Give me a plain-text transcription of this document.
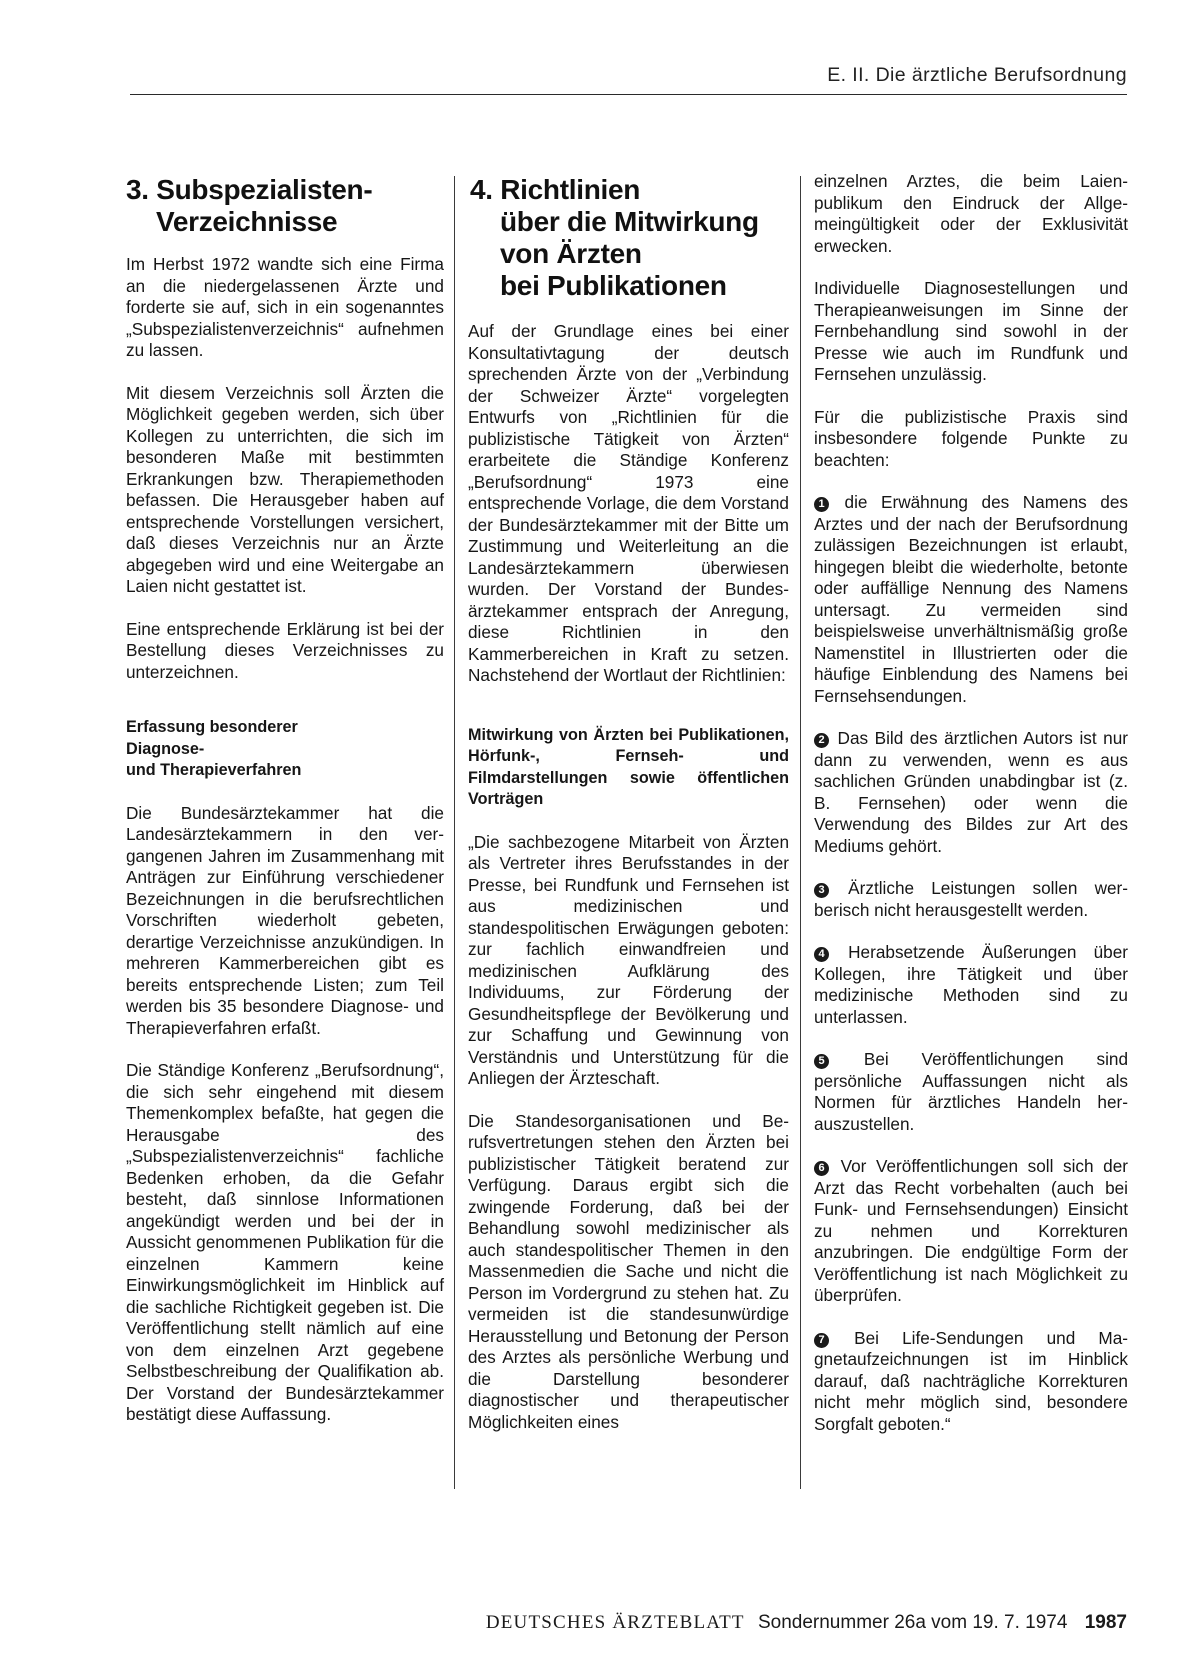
E. II. Die ärztliche Berufsordnung
3. Subspezialisten-
Verzeichnisse

Im Herbst 1972 wandte sich eine Firma an die niedergelassenen Ärzte und forderte sie auf, sich in ein sogenanntes „Subspezialistenverzeichnis“ aufnehmen zu lassen.

Mit diesem Verzeichnis soll Ärzten die Möglichkeit gegeben werden, sich über Kollegen zu unterrichten, die sich im besonderen Maße mit bestimmten Erkrankungen bzw. Therapiemethoden befassen. Die Herausgeber haben auf entsprechende Vorstellungen versichert, daß dieses Verzeichnis nur an Ärzte abgegeben wird und eine Weitergabe an Laien nicht gestattet ist.

Eine entsprechende Erklärung ist bei der Bestellung dieses Verzeichnisses zu unterzeichnen.

Erfassung besonderer
Diagnose-
und Therapieverfahren

Die Bundesärztekammer hat die Landesärztekammern in den vergangenen Jahren im Zusammenhang mit Anträgen zur Einführung verschiedener Bezeichnungen in die berufsrechtlichen Vorschriften wiederholt gebeten, derartige Verzeichnisse anzukündigen. In mehreren Kammerbereichen gibt es bereits entsprechende Listen; zum Teil werden bis 35 besondere Diagnose- und Therapieverfahren erfaßt.

Die Ständige Konferenz „Berufsordnung“, die sich sehr eingehend mit diesem Themenkomplex befaßte, hat gegen die Herausgabe des „Subspezialistenverzeichnis“ fachliche Bedenken erhoben, da die Gefahr besteht, daß sinnlose Informationen angekündigt werden und bei der in Aussicht genommenen Publikation für die einzelnen Kammern keine Einwirkungsmöglichkeit im Hinblick auf die sachliche Richtigkeit gegeben ist. Die Veröffentlichung stellt nämlich auf eine von dem einzelnen Arzt gegebene Selbstbeschreibung der Qualifikation ab. Der Vorstand der Bundesärztekammer bestätigt diese Auffassung.

4. Richtlinien
über die Mitwirkung
von Ärzten
bei Publikationen

Auf der Grundlage eines bei einer Konsultativtagung der deutsch sprechenden Ärzte von der „Verbindung der Schweizer Ärzte“ vorgelegten Entwurfs von „Richtlinien für die publizistische Tätigkeit von Ärzten“ erarbeitete die Ständige Konferenz „Berufsordnung“ 1973 eine entsprechende Vorlage, die dem Vorstand der Bundesärztekammer mit der Bitte um Zustimmung und Weiterleitung an die Landesärztekammern überwiesen wurden. Der Vorstand der Bundesärztekammer entsprach der Anregung, diese Richtlinien in den Kammerbereichen in Kraft zu setzen. Nachstehend der Wortlaut der Richtlinien:

Mitwirkung von Ärzten bei Publikationen, Hörfunk-, Fernseh- und Filmdarstellungen sowie öffentlichen Vorträgen

„Die sachbezogene Mitarbeit von Ärzten als Vertreter ihres Berufsstandes in der Presse, bei Rundfunk und Fernsehen ist aus medizinischen und standespolitischen Erwägungen geboten: zur fachlich einwandfreien und medizinischen Aufklärung des Individuums, zur Förderung der Gesundheitspflege der Bevölkerung und zur Schaffung und Gewinnung von Verständnis und Unterstützung für die Anliegen der Ärzteschaft.

Die Standesorganisationen und Berufsvertretungen stehen den Ärzten bei publizistischer Tätigkeit beratend zur Verfügung. Daraus ergibt sich die zwingende Forderung, daß bei der Behandlung sowohl medizinischer als auch standespolitischer Themen in den Massenmedien die Sache und nicht die Person im Vordergrund zu stehen hat. Zu vermeiden ist die standesunwürdige Herausstellung und Betonung der Person des Arztes als persönliche Werbung und die Darstellung besonderer diagnostischer und therapeutischer Möglichkeiten eines

einzelnen Arztes, die beim Laienpublikum den Eindruck der Allgemeingültigkeit oder der Exklusivität erwecken.

Individuelle Diagnosestellungen und Therapieanweisungen im Sinne der Fernbehandlung sind sowohl in der Presse wie auch im Rundfunk und Fernsehen unzulässig.

Für die publizistische Praxis sind insbesondere folgende Punkte zu beachten:

1 die Erwähnung des Namens des Arztes und der nach der Berufsordnung zulässigen Bezeichnungen ist erlaubt, hingegen bleibt die wiederholte, betonte oder auffällige Nennung des Namens untersagt. Zu vermeiden sind beispielsweise unverhältnismäßig große Namenstitel in Illustrierten oder die häufige Einblendung des Namens bei Fernsehsendungen.

2 Das Bild des ärztlichen Autors ist nur dann zu verwenden, wenn es aus sachlichen Gründen unabdingbar ist (z. B. Fernsehen) oder wenn die Verwendung des Bildes zur Art des Mediums gehört.

3 Ärztliche Leistungen sollen werberisch nicht herausgestellt werden.

4 Herabsetzende Äußerungen über Kollegen, ihre Tätigkeit und über medizinische Methoden sind zu unterlassen.

5 Bei Veröffentlichungen sind persönliche Auffassungen nicht als Normen für ärztliches Handeln herauszustellen.

6 Vor Veröffentlichungen soll sich der Arzt das Recht vorbehalten (auch bei Funk- und Fernsehsendungen) Einsicht zu nehmen und Korrekturen anzubringen. Die endgültige Form der Veröffentlichung ist nach Möglichkeit zu überprüfen.

7 Bei Life-Sendungen und Magnetaufzeichnungen ist im Hinblick darauf, daß nachträgliche Korrekturen nicht mehr möglich sind, besondere Sorgfalt geboten.“

DEUTSCHES ÄRZTEBLATT Sondernummer 26a vom 19. 7. 1974 1987
